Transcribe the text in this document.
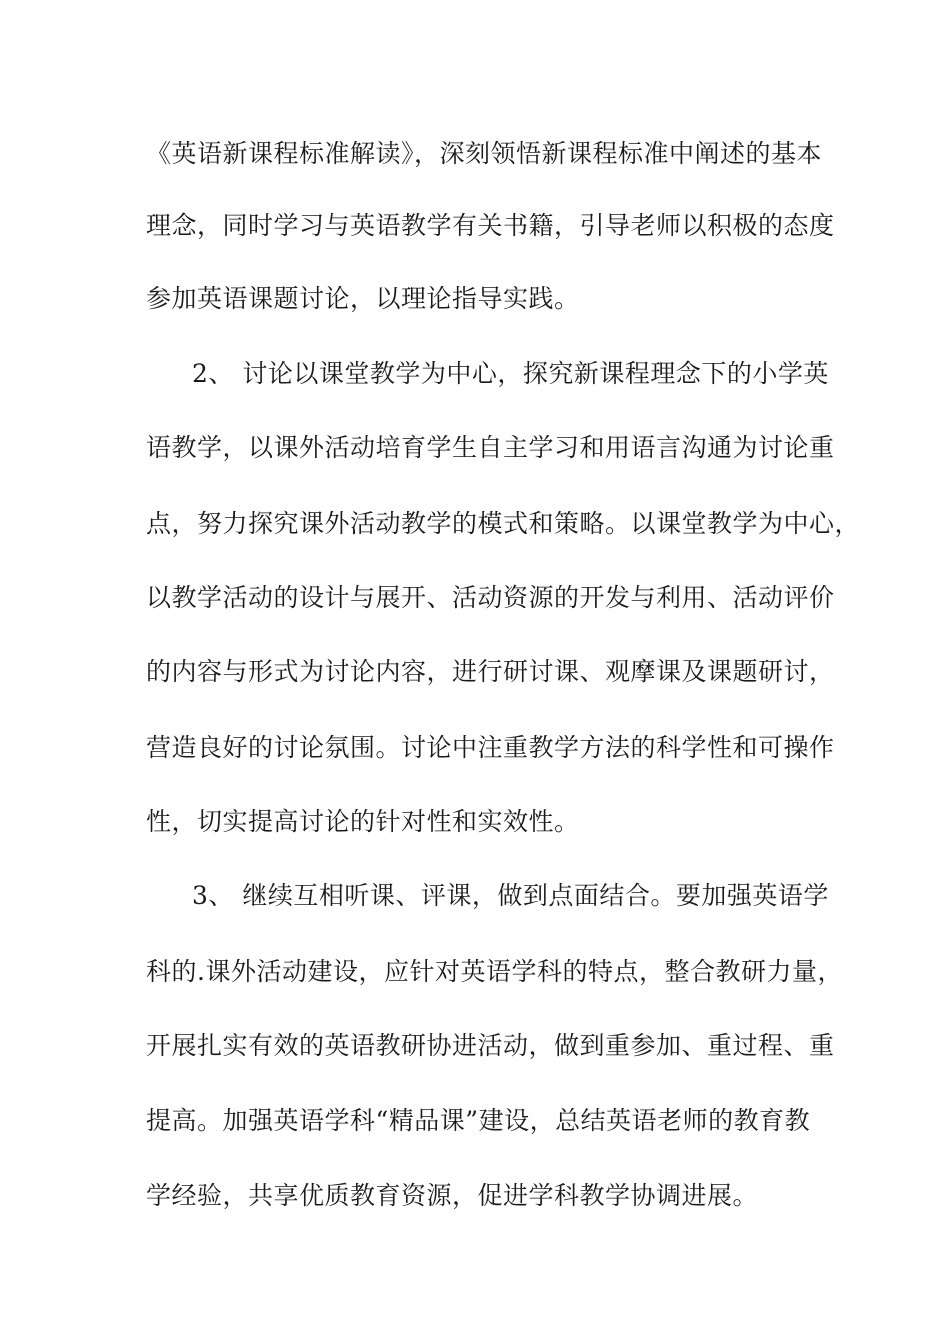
《英语新课程标准解读》，深刻领悟新课程标准中阐述的基本
理念，同时学习与英语教学有关书籍，引导老师以积极的态度
参加英语课题讨论，以理论指导实践。
2、 讨论以课堂教学为中心，探究新课程理念下的小学英
语教学，以课外活动培育学生自主学习和用语言沟通为讨论重
点，努力探究课外活动教学的模式和策略。以课堂教学为中心，
以教学活动的设计与展开、活动资源的开发与利用、活动评价
的内容与形式为讨论内容，进行研讨课、观摩课及课题研讨，
营造良好的讨论氛围。讨论中注重教学方法的科学性和可操作
性，切实提高讨论的针对性和实效性。
3、 继续互相听课、评课，做到点面结合。要加强英语学
科的.课外活动建设，应针对英语学科的特点，整合教研力量，
开展扎实有效的英语教研协进活动，做到重参加、重过程、重
提高。加强英语学科“精品课”建设，总结英语老师的教育教
学经验，共享优质教育资源，促进学科教学协调进展。
